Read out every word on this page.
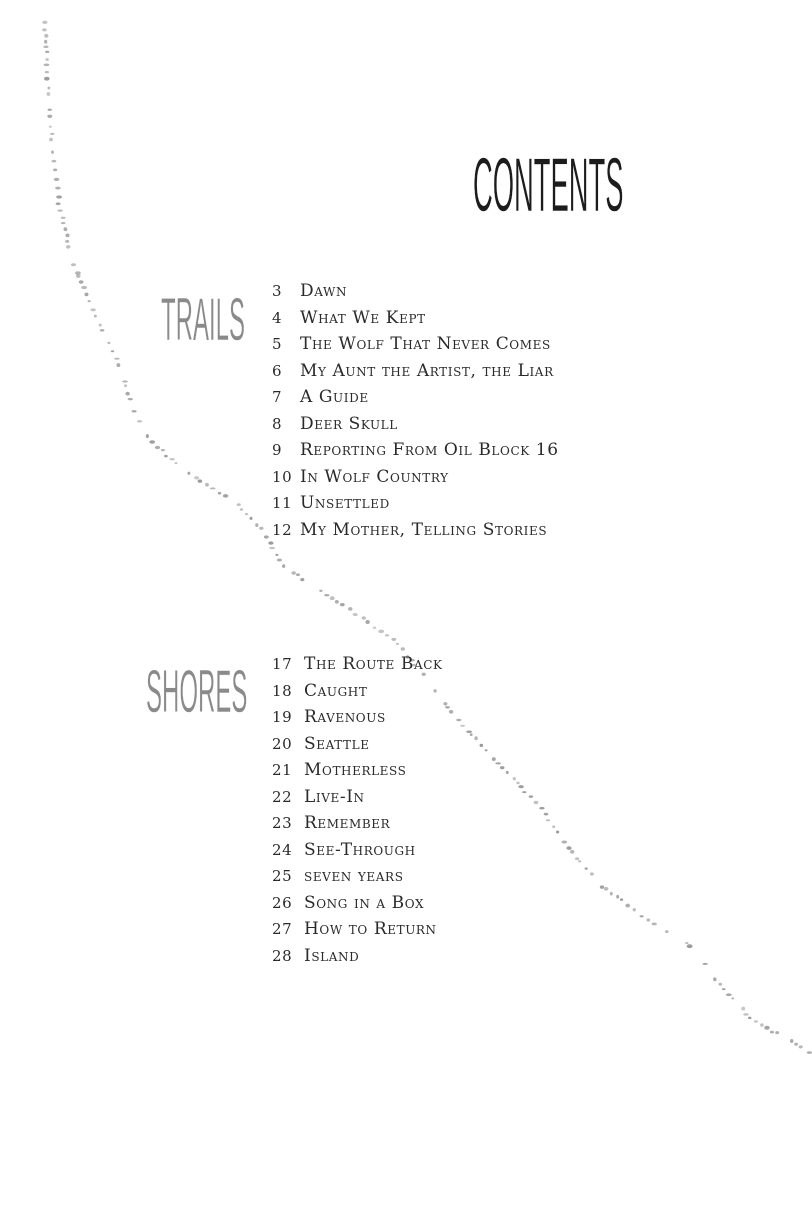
CONTENTS
TRAILS 3 Dawn
4 What We Kept
5 The Wolf That Never Comes
6 My Aunt the Artist, the Liar
7 A Guide
8 Deer Skull
9 Reporting From Oil Block 16
10 In Wolf Country
11 Unsettled
12 My Mother, Telling Stories
SHORES 17 The Route Back
18 Caught
19 Ravenous
20 Seattle
21 Motherless
22 Live-In
23 Remember
24 See-Through
25 seven years
26 Song in a Box
27 How to Return
28 Island
